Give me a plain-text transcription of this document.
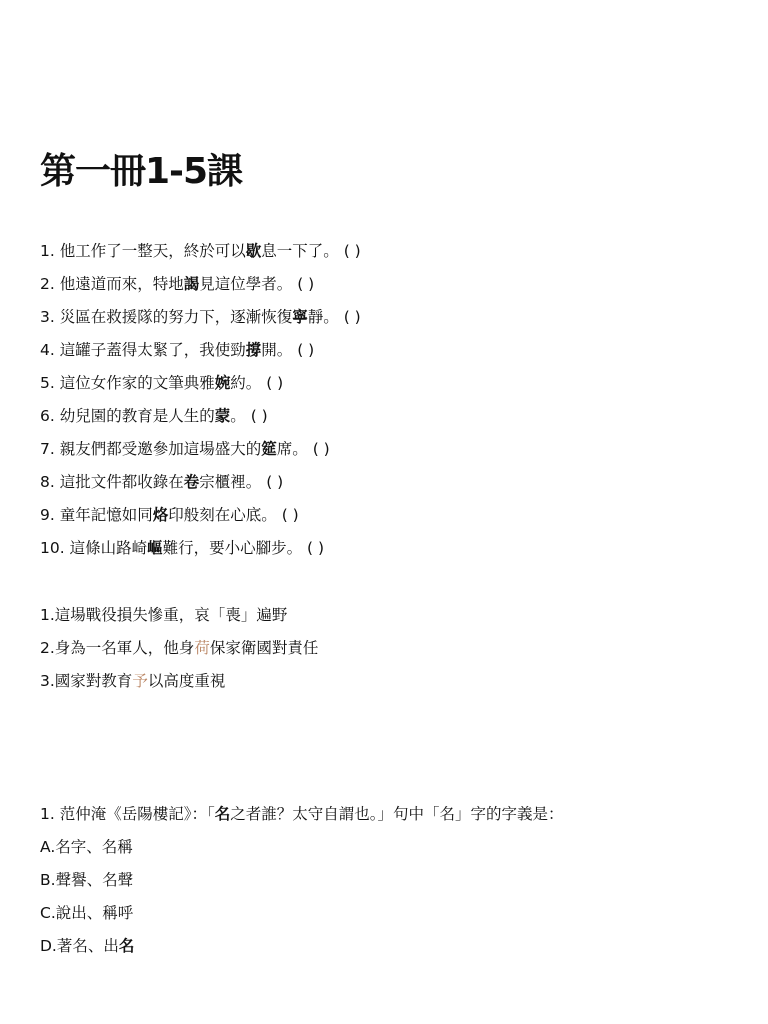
第一冊1-5課
1. 他工作了一整天，終於可以歇息一下了。 ( )
2. 他遠道而來，特地謁見這位學者。 ( )
3. 災區在救援隊的努力下，逐漸恢復寧靜。 ( )
4. 這罐子蓋得太緊了，我使勁撐開。 ( )
5. 這位女作家的文筆典雅婉約。 ( )
6. 幼兒園的教育是人生的蒙。 ( )
7. 親友們都受邀參加這場盛大的筵席。 ( )
8. 這批文件都收錄在卷宗櫃裡。 ( )
9. 童年記憶如同烙印般刻在心底。 ( )
10. 這條山路崎嶇難行，要小心腳步。 ( )
1.這場戰役損失慘重，哀「喪」遍野
2.身為一名軍人，他身荷保家衛國對責任
3.國家對教育予以高度重視
1. 范仲淹《岳陽樓記》：「名之者誰？太守自謂也。」句中「名」字的字義是：
A.名字、名稱
B.聲譽、名聲
C.說出、稱呼
D.著名、出名
